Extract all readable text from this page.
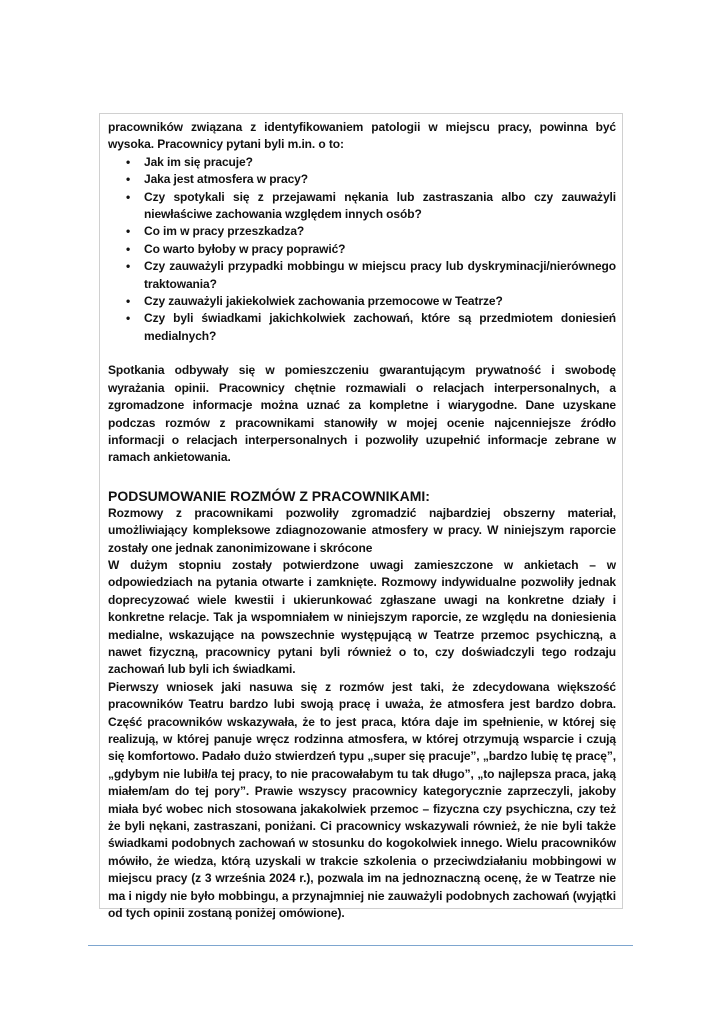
pracowników związana z identyfikowaniem patologii w miejscu pracy, powinna być wysoka. Pracownicy pytani byli m.in. o to:

• Jak im się pracuje?
• Jaka jest atmosfera w pracy?
• Czy spotykali się z przejawami nękania lub zastraszania albo czy zauważyli niewłaściwe zachowania względem innych osób?
• Co im w pracy przeszkadza?
• Co warto byłoby w pracy poprawić?
• Czy zauważyli przypadki mobbingu w miejscu pracy lub dyskryminacji/nierównego traktowania?
• Czy zauważyli jakiekolwiek zachowania przemocowe w Teatrze?
• Czy byli świadkami jakichkolwiek zachowań, które są przedmiotem doniesień medialnych?

Spotkania odbywały się w pomieszczeniu gwarantującym prywatność i swobodę wyrażania opinii. Pracownicy chętnie rozmawiali o relacjach interpersonalnych, a zgromadzone informacje można uznać za kompletne i wiarygodne. Dane uzyskane podczas rozmów z pracownikami stanowiły w mojej ocenie najcenniejsze źródło informacji o relacjach interpersonalnych i pozwoliły uzupełnić informacje zebrane w ramach ankietowania.

PODSUMOWANIE ROZMÓW Z PRACOWNIKAMI:

Rozmowy z pracownikami pozwoliły zgromadzić najbardziej obszerny materiał, umożliwiający kompleksowe zdiagnozowanie atmosfery w pracy. W niniejszym raporcie zostały one jednak zanonimizowane i skrócone

W dużym stopniu zostały potwierdzone uwagi zamieszczone w ankietach – w odpowiedziach na pytania otwarte i zamknięte. Rozmowy indywidualne pozwoliły jednak doprecyzować wiele kwestii i ukierunkować zgłaszane uwagi na konkretne działy i konkretne relacje. Tak ja wspomniałem w niniejszym raporcie, ze względu na doniesienia medialne, wskazujące na powszechnie występującą w Teatrze przemoc psychiczną, a nawet fizyczną, pracownicy pytani byli również o to, czy doświadczyli tego rodzaju zachowań lub byli ich świadkami.

Pierwszy wniosek jaki nasuwa się z rozmów jest taki, że zdecydowana większość pracowników Teatru bardzo lubi swoją pracę i uważa, że atmosfera jest bardzo dobra. Część pracowników wskazywała, że to jest praca, która daje im spełnienie, w której się realizują, w której panuje wręcz rodzinna atmosfera, w której otrzymują wsparcie i czują się komfortowo. Padało dużo stwierdzeń typu „super się pracuje”, „bardzo lubię tę pracę”, „gdybym nie lubił/a tej pracy, to nie pracowałabym tu tak długo”, „to najlepsza praca, jaką miałem/am do tej pory”. Prawie wszyscy pracownicy kategorycznie zaprzeczyli, jakoby miała być wobec nich stosowana jakakolwiek przemoc – fizyczna czy psychiczna, czy też że byli nękani, zastraszani, poniżani. Ci pracownicy wskazywali również, że nie byli także świadkami podobnych zachowań w stosunku do kogokolwiek innego. Wielu pracowników mówiło, że wiedza, którą uzyskali w trakcie szkolenia o przeciwdziałaniu mobbingowi w miejscu pracy (z 3 września 2024 r.), pozwala im na jednoznaczną ocenę, że w Teatrze nie ma i nigdy nie było mobbingu, a przynajmniej nie zauważyli podobnych zachowań (wyjątki od tych opinii zostaną poniżej omówione).
